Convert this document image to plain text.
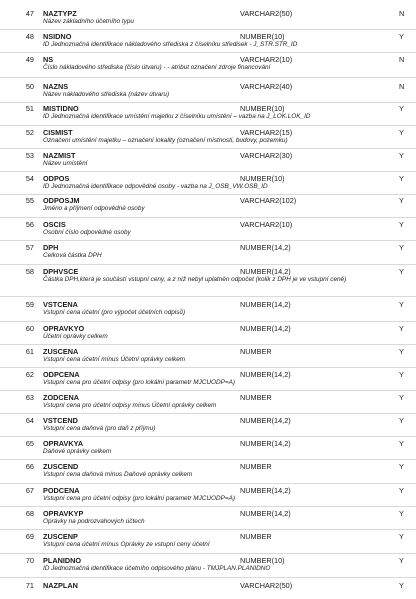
47 NAZTYPZ	VARCHAR2(50)	N
Název základního účetního typu
48 NSIDNO	NUMBER(10)	Y
ID Jednoznačná identifikace nákladového střediska z číselníku středisek - J_STR.STR_ID
49 NS	VARCHAR2(10)	N
Číslo nákladového střediska (číslo útvaru) - - atribut označení zdroje financování
50 NAZNS	VARCHAR2(40)	N
Název nákladového střediska (název útvaru)
51 MISTIDNO	NUMBER(10)	Y
ID Jednoznačná identifikace umístění majetku z číselníku umístění – vazba na J_LOK.LOK_ID
52 CISMIST	VARCHAR2(15)	Y
Označení umístění majetku – označení lokality (označení místnosti, budovy, pozemku)
53 NAZMIST	VARCHAR2(30)	Y
Název umístění
54 ODPOS	NUMBER(10)	Y
ID Jednoznačná identifikace odpovědné osoby - vazba na J_OSB_VW.OSB_ID
55 ODPOSJM	VARCHAR2(102)	Y
Jméno a příjmení odpovědné osoby
56 OSCIS	VARCHAR2(10)	Y
Osobní číslo odpovědné osoby
57 DPH	NUMBER(14,2)	Y
Celková částka DPH
58 DPHVSCE	NUMBER(14,2)	Y
Částka DPH,která je součástí vstupní ceny, a z níž nebyl uplatněn odpočet (kolik z DPH je ve vstupní ceně)
59 VSTCENA	NUMBER(14,2)	Y
Vstupní cena účetní (pro výpočet účetních odpisů)
60 OPRAVKYO	NUMBER(14,2)	Y
Účetní oprávky celkem
61 ZUSCENA	NUMBER	Y
Vstupní cena účetní mínus Účetní oprávky celkem
62 ODPCENA	NUMBER(14,2)	Y
Vstupní cena pro účetní odpisy (pro lokální parametr MJCUODP=A)
63 ZODCENA	NUMBER	Y
Vstupní cena pro účetní odpisy mínus Účetní oprávky celkem
64 VSTCEND	NUMBER(14,2)	Y
Vstupní cena daňová (pro daň z příjmu)
65 OPRAVKYA	NUMBER(14,2)	Y
Daňové oprávky celkem
66 ZUSCEND	NUMBER	Y
Vstupní cena daňová mínus Daňové oprávky celkem
67 PODCENA	NUMBER(14,2)	Y
Vstupní cena pro účetní odpisy (pro lokální parametr MJCUODP=A)
68 OPRAVKYP	NUMBER(14,2)	Y
Oprávky na podrozvahových účtech
69 ZUSCENP	NUMBER	Y
Vstupní cena účetní mínus Oprávky ze vstupní ceny účetní
70 PLANIDNO	NUMBER(10)	Y
ID Jednoznačná identifikace účetního odpisového plánu - TMJPLAN.PLANIDNO
71 NAZPLAN	VARCHAR2(50)	Y
